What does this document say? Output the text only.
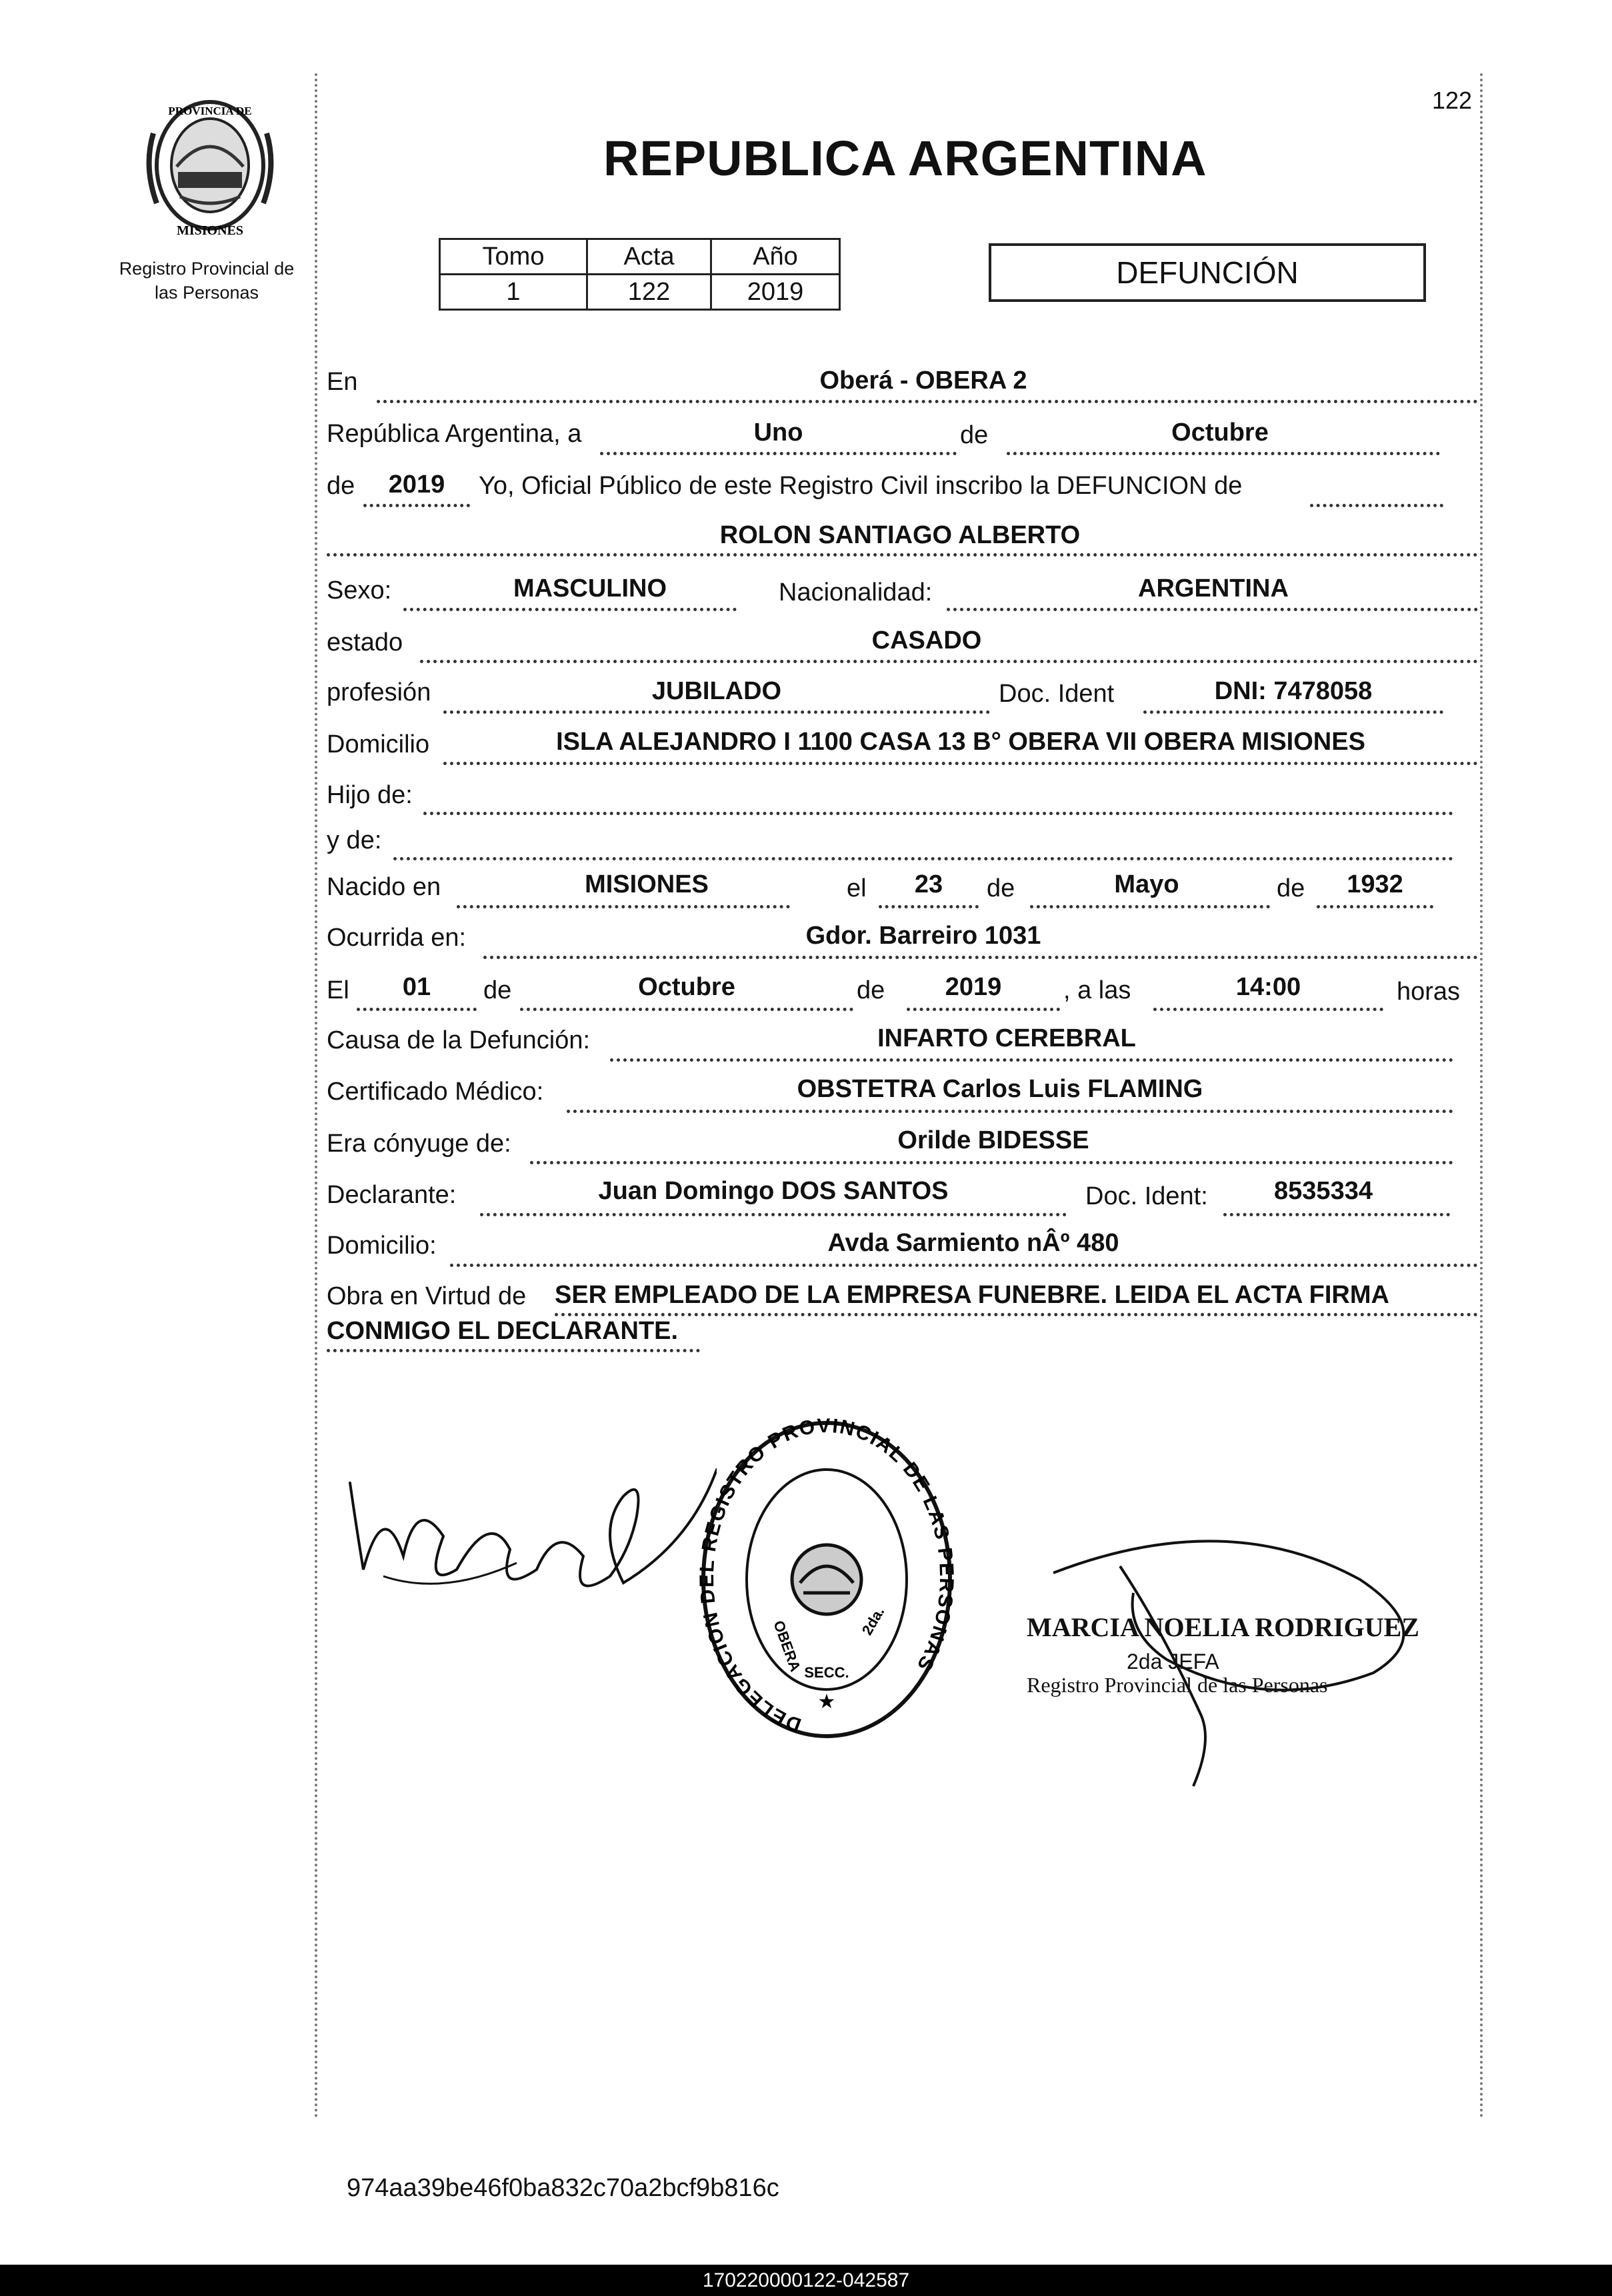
122
PROVINCIA DE
MISIONES
Registro Provincial de
las Personas
REPUBLICA ARGENTINA
Tomo	Acta	Año
1	122	2019
DEFUNCIÓN
En	Oberá - OBERA 2
República Argentina, a	Uno	de	Octubre
de	2019	Yo, Oficial Público de este Registro Civil inscribo la DEFUNCION de
ROLON SANTIAGO ALBERTO
Sexo:	MASCULINO	Nacionalidad:	ARGENTINA
estado	CASADO
profesión	JUBILADO	Doc. Ident	DNI: 7478058
Domicilio	ISLA ALEJANDRO I 1100 CASA 13 B° OBERA VII OBERA MISIONES
Hijo de:
y de:
Nacido en	MISIONES	el	23	de	Mayo	de	1932
Ocurrida en:	Gdor. Barreiro 1031
El	01	de	Octubre	de	2019	, a las	14:00	horas
Causa de la Defunción:	INFARTO CEREBRAL
Certificado Médico:	OBSTETRA Carlos Luis FLAMING
Era cónyuge de:	Orilde BIDESSE
Declarante:	Juan Domingo DOS SANTOS	Doc. Ident:	8535334
Domicilio:	Avda Sarmiento nÂº 480
Obra en Virtud de SER EMPLEADO DE LA EMPRESA FUNEBRE. LEIDA EL ACTA FIRMA
CONMIGO EL DECLARANTE.
DELEGACION DEL REGISTRO PROVINCIAL DE LAS PERSONAS
OBERA	2da.
SECC.
★
MARCIA NOELIA RODRIGUEZ
2da JEFA
Registro Provincial de las Personas
974aa39be46f0ba832c70a2bcf9b816c
170220000122-042587
